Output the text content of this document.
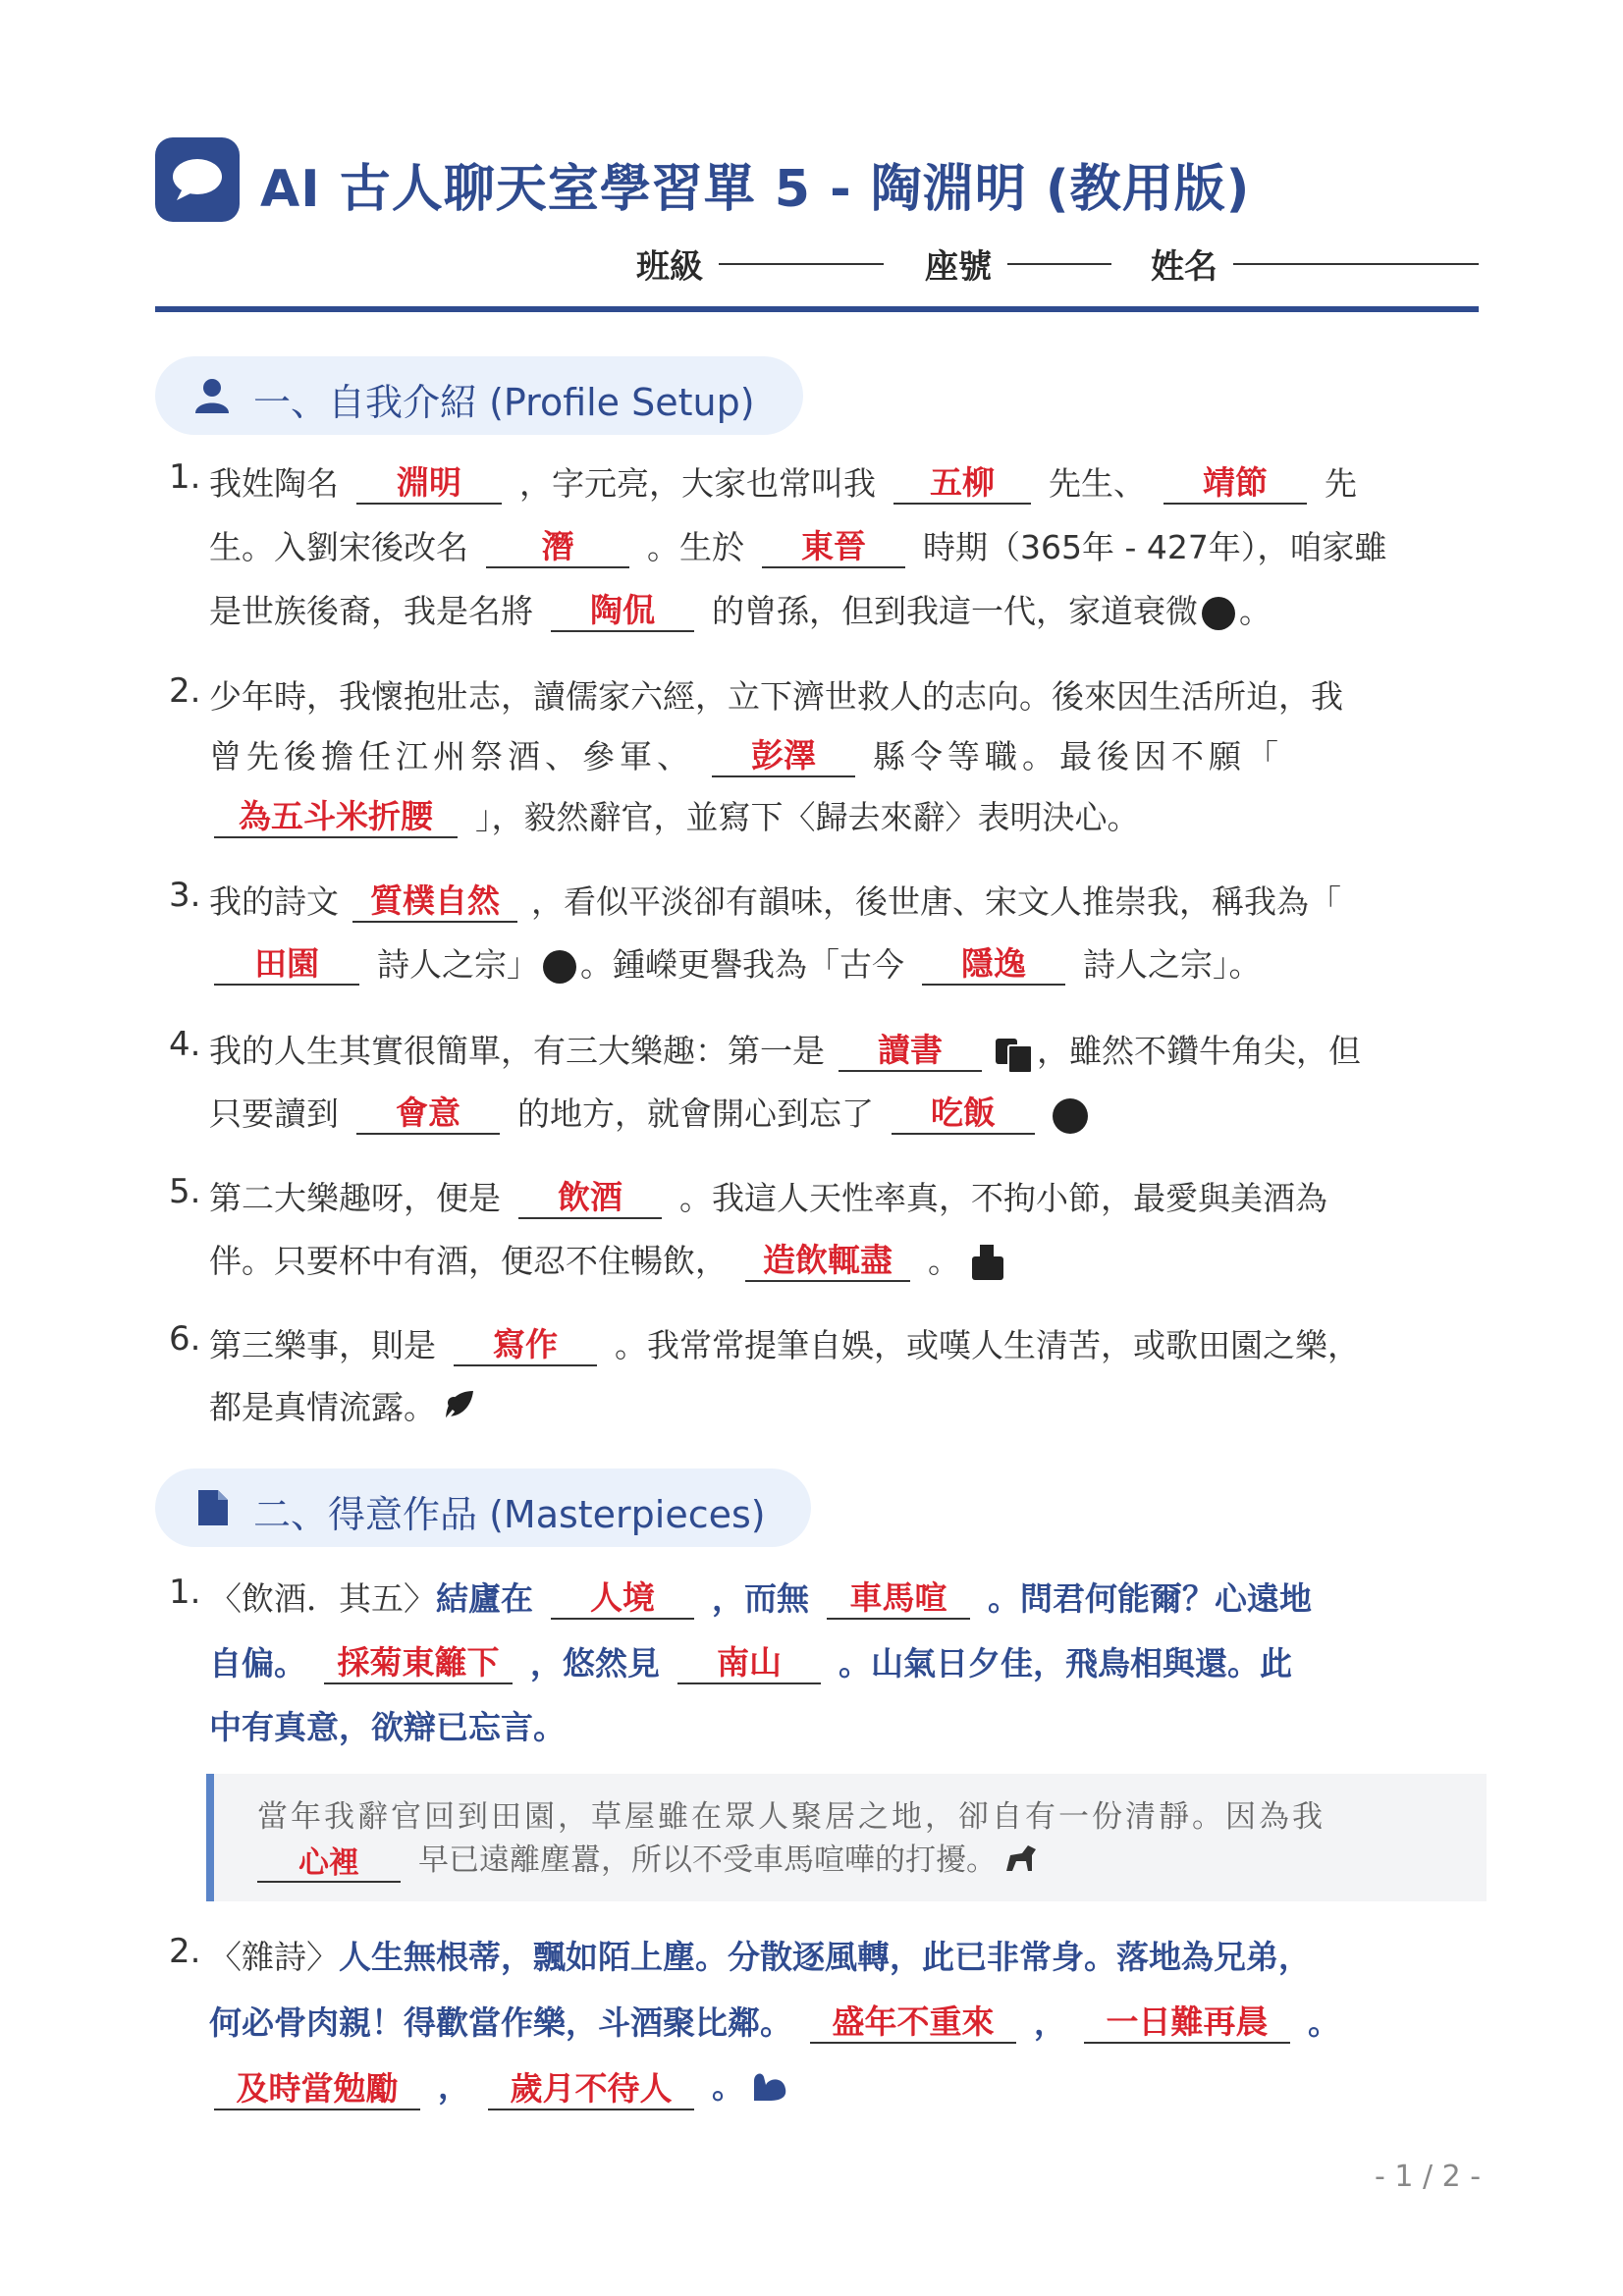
AI 古人聊天室學習單 5 - 陶淵明 (教用版)
班級	座號	姓名
一、自我介紹 (Profile Setup)
1. 我姓陶名 淵明 ，字元亮，大家也常叫我 五柳 先生、 靖節 先
生。入劉宋後改名 潛 。生於 東晉 時期（365年 - 427年），咱家雖
是世族後裔，我是名將 陶侃 的曾孫，但到我這一代，家道衰微 。
2. 少年時，我懷抱壯志，讀儒家六經，立下濟世救人的志向。後來因生活所迫，我
曾先後擔任江州祭酒、參軍、 彭澤 縣令等職。最後因不願「
為五斗米折腰 」，毅然辭官，並寫下〈歸去來辭〉表明決心。
3. 我的詩文 質樸自然 ，看似平淡卻有韻味，後世唐、宋文人推崇我，稱我為「
田園 詩人之宗」 。鍾嶸更譽我為「古今 隱逸 詩人之宗」。
4. 我的人生其實很簡單，有三大樂趣：第一是 讀書	，雖然不鑽牛角尖，但
只要讀到 會意 的地方，就會開心到忘了 吃飯
5. 第二大樂趣呀，便是 飲酒 。我這人天性率真，不拘小節，最愛與美酒為
伴。只要杯中有酒，便忍不住暢飲， 造飲輒盡 。
6. 第三樂事，則是 寫作 。我常常提筆自娛，或嘆人生清苦，或歌田園之樂，
都是真情流露。
二、得意作品 (Masterpieces)
1. 〈飲酒．其五〉結廬在 人境 ，而無 車馬喧 。問君何能爾？心遠地
自偏。 採菊東籬下 ，悠然見 南山 。山氣日夕佳，飛鳥相與還。此
中有真意，欲辯已忘言。
當年我辭官回到田園，草屋雖在眾人聚居之地，卻自有一份清靜。因為我
心裡 早已遠離塵囂，所以不受車馬喧嘩的打擾。
2. 〈雜詩〉人生無根蒂，飄如陌上塵。分散逐風轉，此已非常身。落地為兄弟，
何必骨肉親！得歡當作樂，斗酒聚比鄰。 盛年不重來 ， 一日難再晨 。
及時當勉勵 ， 歲月不待人 。
- 1 / 2 -
